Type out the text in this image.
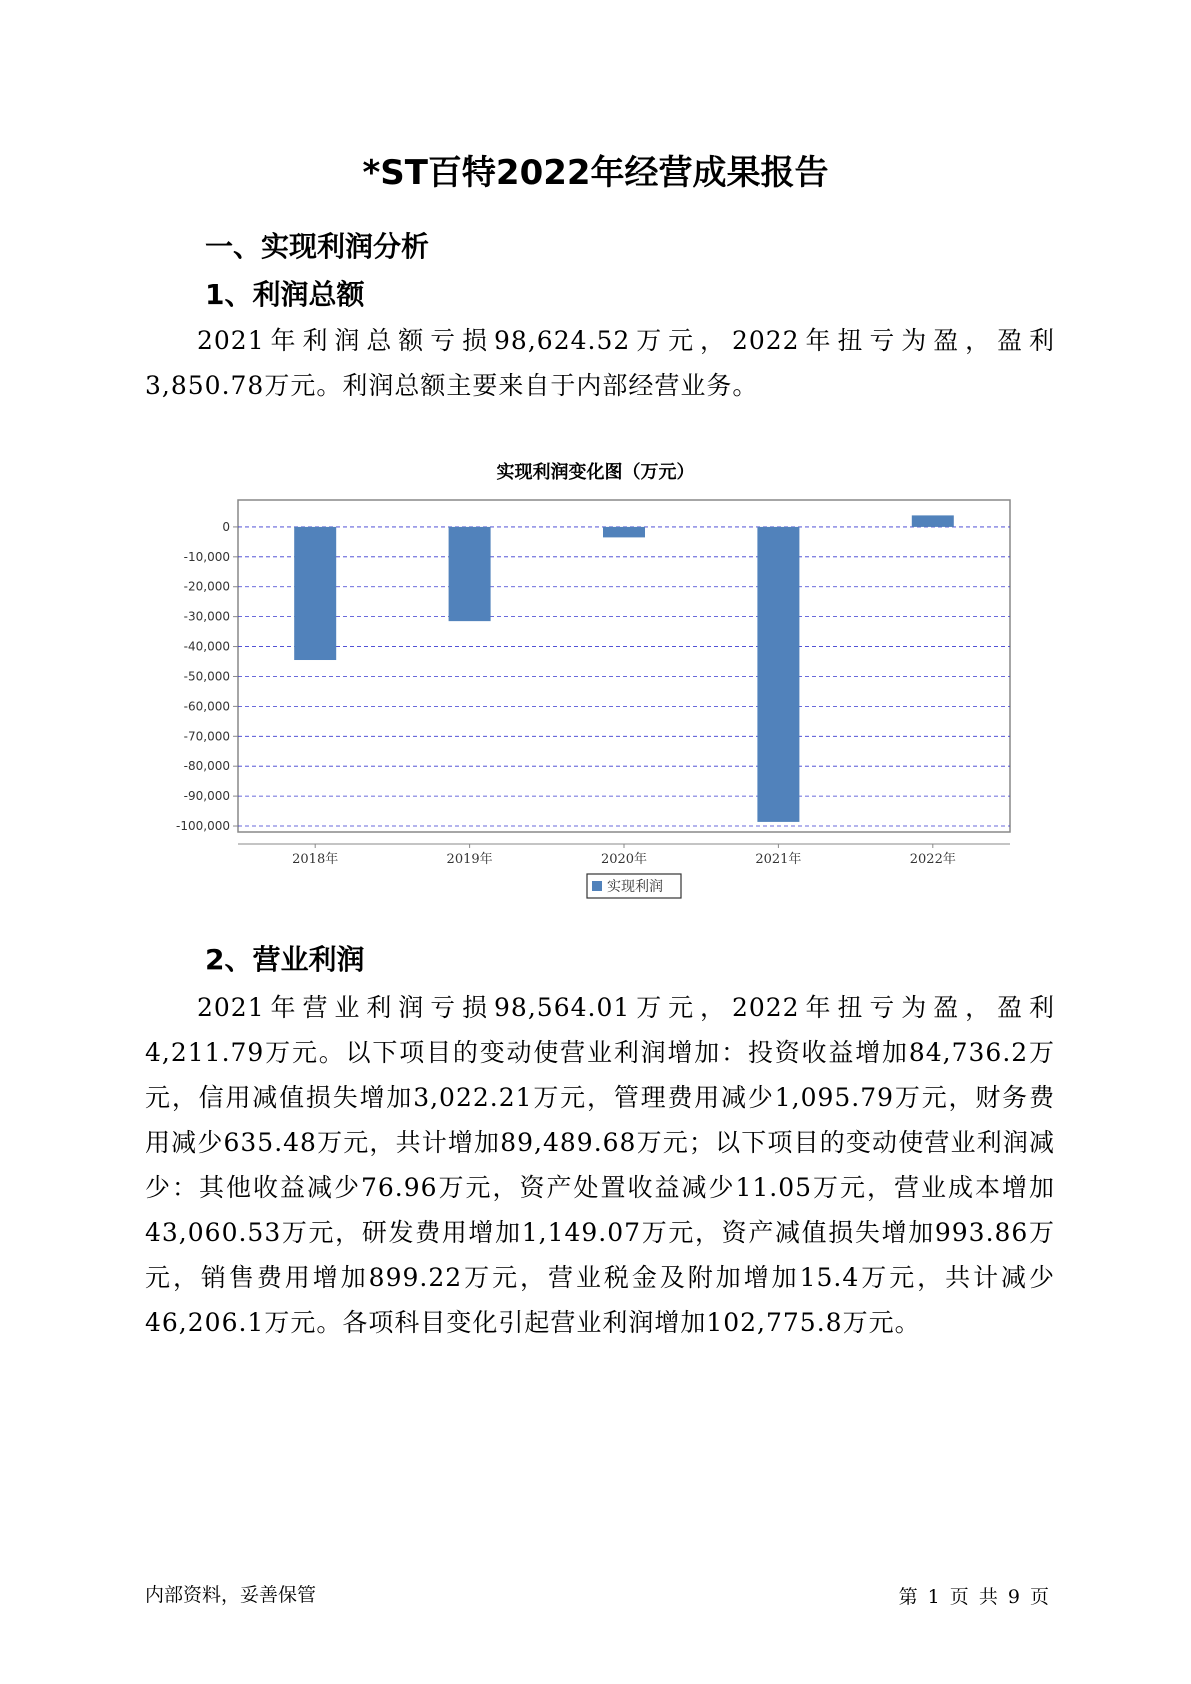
*ST百特2022年经营成果报告
一、实现利润分析
1、利润总额
2021年利润总额亏损98,624.52万元，2022年扭亏为盈，盈利3,850.78万元。利润总额主要来自于内部经营业务。
实现利润变化图（万元）
0
-10,000
-20,000
-30,000
-40,000
-50,000
-60,000
-70,000
-80,000
-90,000
-100,000
2018年	2019年	2020年	2021年	2022年
实现利润
2、营业利润
2021年营业利润亏损98,564.01万元，2022年扭亏为盈，盈利4,211.79万元。以下项目的变动使营业利润增加：投资收益增加84,736.2万元，信用减值损失增加3,022.21万元，管理费用减少1,095.79万元，财务费用减少635.48万元，共计增加89,489.68万元；以下项目的变动使营业利润减少：其他收益减少76.96万元，资产处置收益减少11.05万元，营业成本增加43,060.53万元，研发费用增加1,149.07万元，资产减值损失增加993.86万元，销售费用增加899.22万元，营业税金及附加增加15.4万元，共计减少46,206.1万元。各项科目变化引起营业利润增加102,775.8万元。
内部资料，妥善保管	第 1 页 共 9 页
